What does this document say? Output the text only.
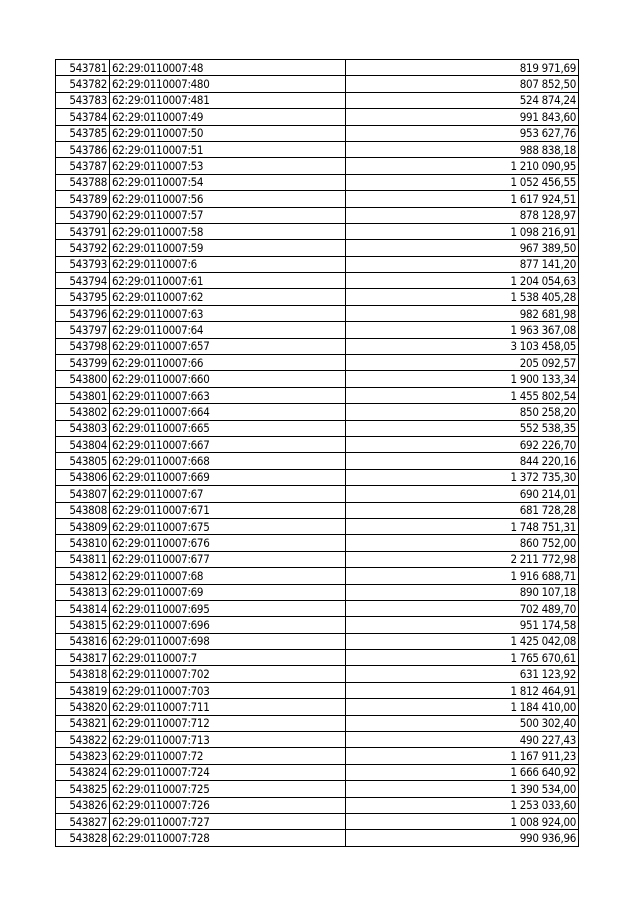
543781	62:29:0110007:48	819 971,69
543782	62:29:0110007:480	807 852,50
543783	62:29:0110007:481	524 874,24
543784	62:29:0110007:49	991 843,60
543785	62:29:0110007:50	953 627,76
543786	62:29:0110007:51	988 838,18
543787	62:29:0110007:53	1 210 090,95
543788	62:29:0110007:54	1 052 456,55
543789	62:29:0110007:56	1 617 924,51
543790	62:29:0110007:57	878 128,97
543791	62:29:0110007:58	1 098 216,91
543792	62:29:0110007:59	967 389,50
543793	62:29:0110007:6	877 141,20
543794	62:29:0110007:61	1 204 054,63
543795	62:29:0110007:62	1 538 405,28
543796	62:29:0110007:63	982 681,98
543797	62:29:0110007:64	1 963 367,08
543798	62:29:0110007:657	3 103 458,05
543799	62:29:0110007:66	205 092,57
543800	62:29:0110007:660	1 900 133,34
543801	62:29:0110007:663	1 455 802,54
543802	62:29:0110007:664	850 258,20
543803	62:29:0110007:665	552 538,35
543804	62:29:0110007:667	692 226,70
543805	62:29:0110007:668	844 220,16
543806	62:29:0110007:669	1 372 735,30
543807	62:29:0110007:67	690 214,01
543808	62:29:0110007:671	681 728,28
543809	62:29:0110007:675	1 748 751,31
543810	62:29:0110007:676	860 752,00
543811	62:29:0110007:677	2 211 772,98
543812	62:29:0110007:68	1 916 688,71
543813	62:29:0110007:69	890 107,18
543814	62:29:0110007:695	702 489,70
543815	62:29:0110007:696	951 174,58
543816	62:29:0110007:698	1 425 042,08
543817	62:29:0110007:7	1 765 670,61
543818	62:29:0110007:702	631 123,92
543819	62:29:0110007:703	1 812 464,91
543820	62:29:0110007:711	1 184 410,00
543821	62:29:0110007:712	500 302,40
543822	62:29:0110007:713	490 227,43
543823	62:29:0110007:72	1 167 911,23
543824	62:29:0110007:724	1 666 640,92
543825	62:29:0110007:725	1 390 534,00
543826	62:29:0110007:726	1 253 033,60
543827	62:29:0110007:727	1 008 924,00
543828	62:29:0110007:728	990 936,96
